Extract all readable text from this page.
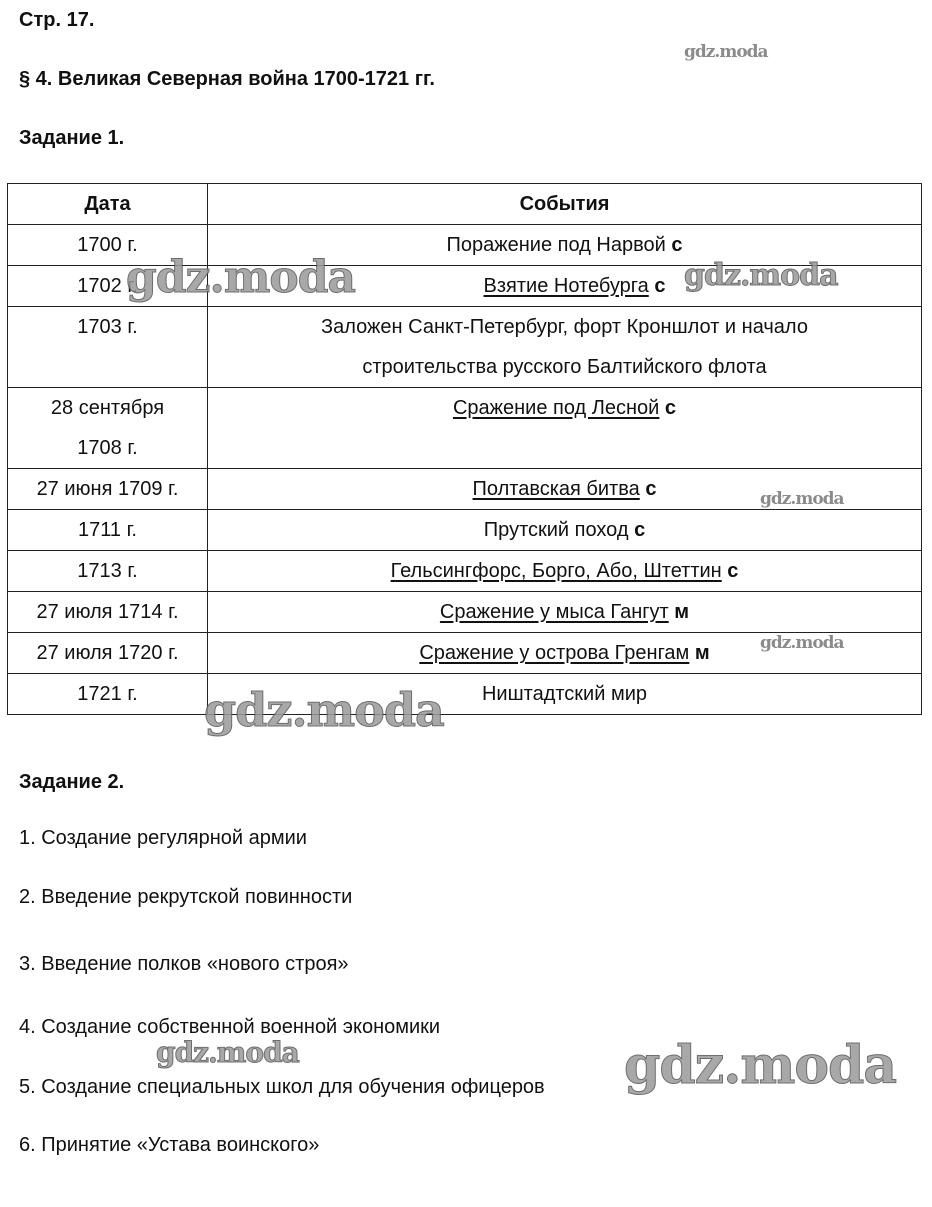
Стр. 17.
§ 4. Великая Северная война 1700-1721 гг.
Задание 1.
Дата	События
1700 г.	Поражение под Нарвой с
1702 г.	Взятие Нотебурга с
1703 г.	Заложен Санкт-Петербург, форт Кроншлот и начало
строительства русского Балтийского флота

28 сентября
1708 г.	Сражение под Лесной с
27 июня 1709 г.	Полтавская битва с
1711 г.	Прутский поход с
1713 г.	Гельсингфорс, Борго, Або, Штеттин с
27 июля 1714 г.	Сражение у мыса Гангут м
27 июля 1720 г.	Сражение у острова Гренгам м
1721 г.	Ништадтский мир
Задание 2.
1. Создание регулярной армии
2. Введение рекрутской повинности
3. Введение полков «нового строя»
4. Создание собственной военной экономики
5. Создание специальных школ для обучения офицеров
6. Принятие «Устава воинского»
gdz.moda
gdz.moda	gdz.moda
gdz.moda
gdz.moda
gdz.moda
gdz.moda	gdz.moda
